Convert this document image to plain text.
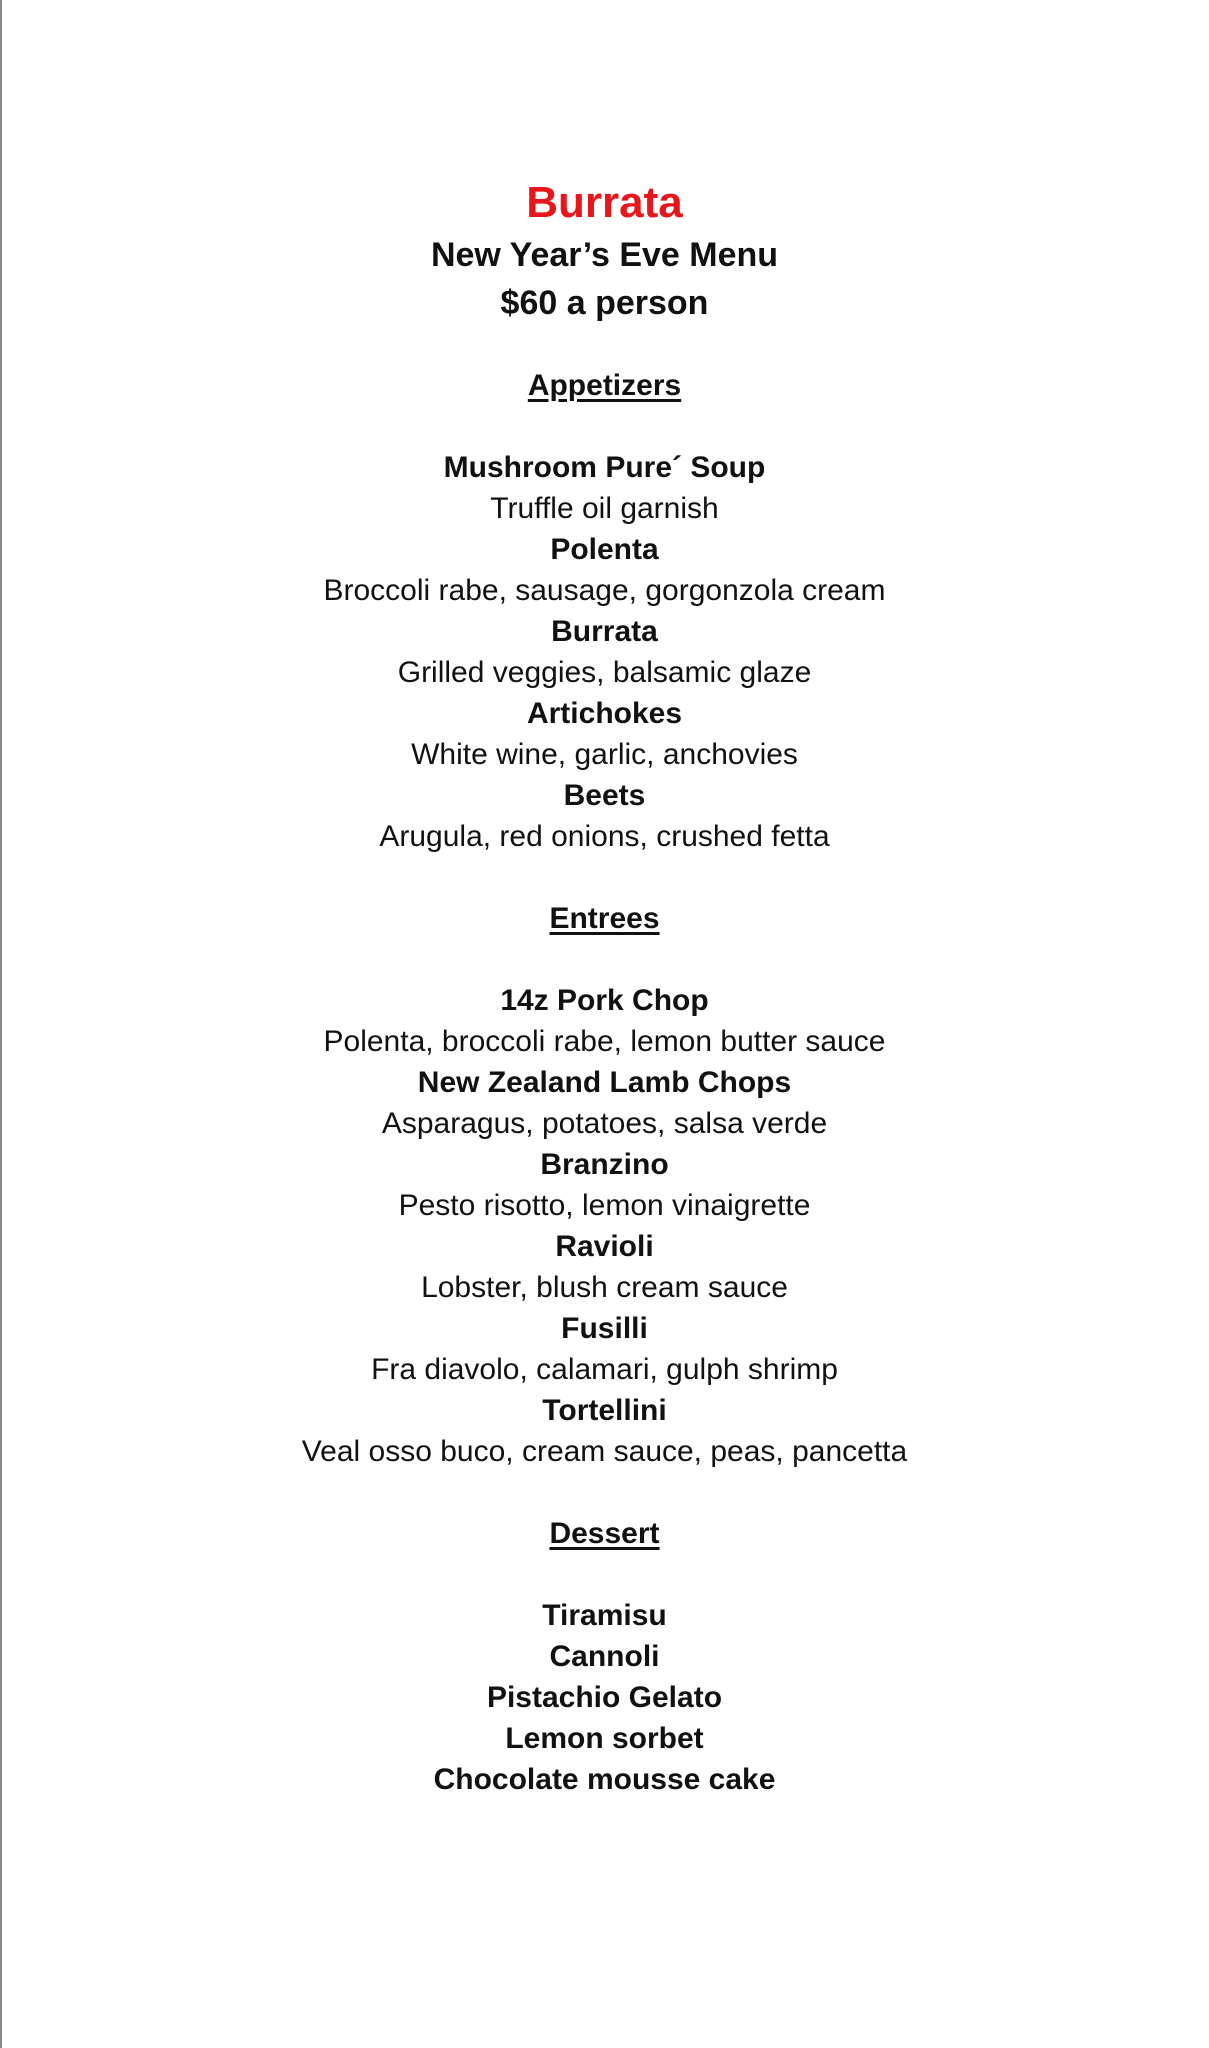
Burrata
New Year’s Eve Menu
$60 a person
Appetizers
Mushroom Pure´ Soup
Truffle oil garnish
Polenta
Broccoli rabe, sausage, gorgonzola cream
Burrata
Grilled veggies, balsamic glaze
Artichokes
White wine, garlic, anchovies
Beets
Arugula, red onions, crushed fetta
Entrees
14z Pork Chop
Polenta, broccoli rabe, lemon butter sauce
New Zealand Lamb Chops
Asparagus, potatoes, salsa verde
Branzino
Pesto risotto, lemon vinaigrette
Ravioli
Lobster, blush cream sauce
Fusilli
Fra diavolo, calamari, gulph shrimp
Tortellini
Veal osso buco, cream sauce, peas, pancetta
Dessert
Tiramisu
Cannoli
Pistachio Gelato
Lemon sorbet
Chocolate mousse cake
